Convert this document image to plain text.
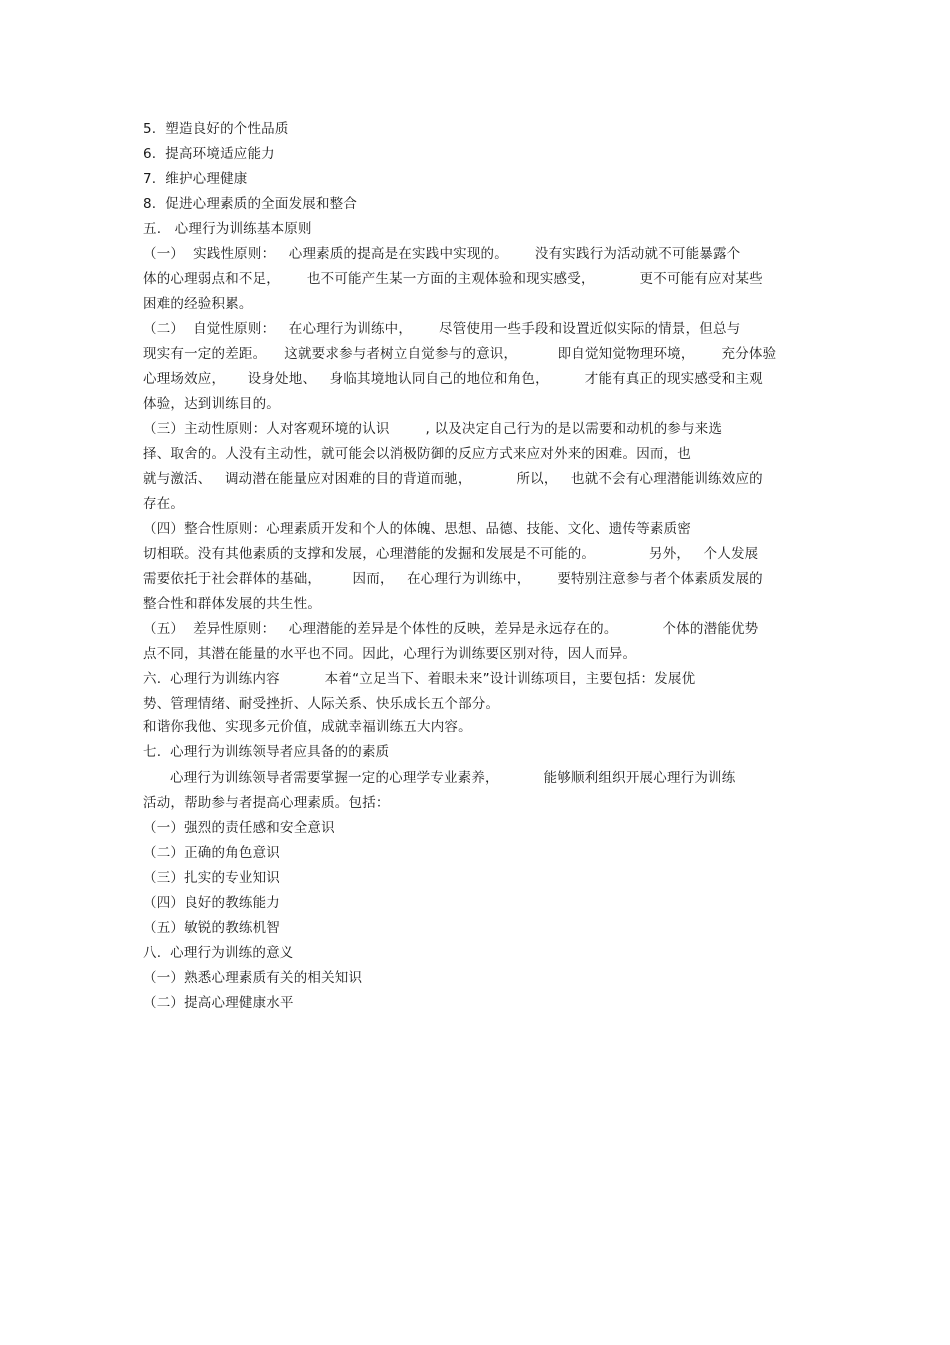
5.  塑造良好的个性品质
6.  提高环境适应能力
7.  维护心理健康
8.  促进心理素质的全面发展和整合
五.   心理行为训练基本原则
（一）  实践性原则：   心理素质的提高是在实践中实现的。      没有实践行为活动就不可能暴露个
体的心理弱点和不足，      也不可能产生某一方面的主观体验和现实感受，          更不可能有应对某些
困难的经验积累。
（二）  自觉性原则：   在心理行为训练中，      尽管使用一些手段和设置近似实际的情景，但总与
现实有一定的差距。    这就要求参与者树立自觉参与的意识，         即自觉知觉物理环境，      充分体验
心理场效应，     设身处地、   身临其境地认同自己的地位和角色，        才能有真正的现实感受和主观
体验，达到训练目的。
（三）主动性原则：人对客观环境的认识        , 以及决定自己行为的是以需要和动机的参与来选
择、取舍的。人没有主动性，就可能会以消极防御的反应方式来应对外来的困难。因而，也
就与激活、   调动潜在能量应对困难的目的背道而驰，          所以，   也就不会有心理潜能训练效应的
存在。
（四）整合性原则：心理素质开发和个人的体魄、思想、品德、技能、文化、遗传等素质密
切相联。没有其他素质的支撑和发展，心理潜能的发掘和发展是不可能的。            另外，   个人发展
需要依托于社会群体的基础，       因而，   在心理行为训练中，      要特别注意参与者个体素质发展的
整合性和群体发展的共生性。
（五）  差异性原则：   心理潜能的差异是个体性的反映，差异是永远存在的。          个体的潜能优势
点不同，其潜在能量的水平也不同。因此，心理行为训练要区别对待，因人而异。
六.  心理行为训练内容          本着“立足当下、着眼未来”设计训练项目，主要包括：发展优
势、管理情绪、耐受挫折、人际关系、快乐成长五个部分。
和谐你我他、实现多元价值，成就幸福训练五大内容。
七.  心理行为训练领导者应具备的的素质
心理行为训练领导者需要掌握一定的心理学专业素养，          能够顺利组织开展心理行为训练
活动，帮助参与者提高心理素质。包括：
（一）强烈的责任感和安全意识
（二）正确的角色意识
（三）扎实的专业知识
（四）良好的教练能力
（五）敏锐的教练机智
八.  心理行为训练的意义
（一）熟悉心理素质有关的相关知识
（二）提高心理健康水平
